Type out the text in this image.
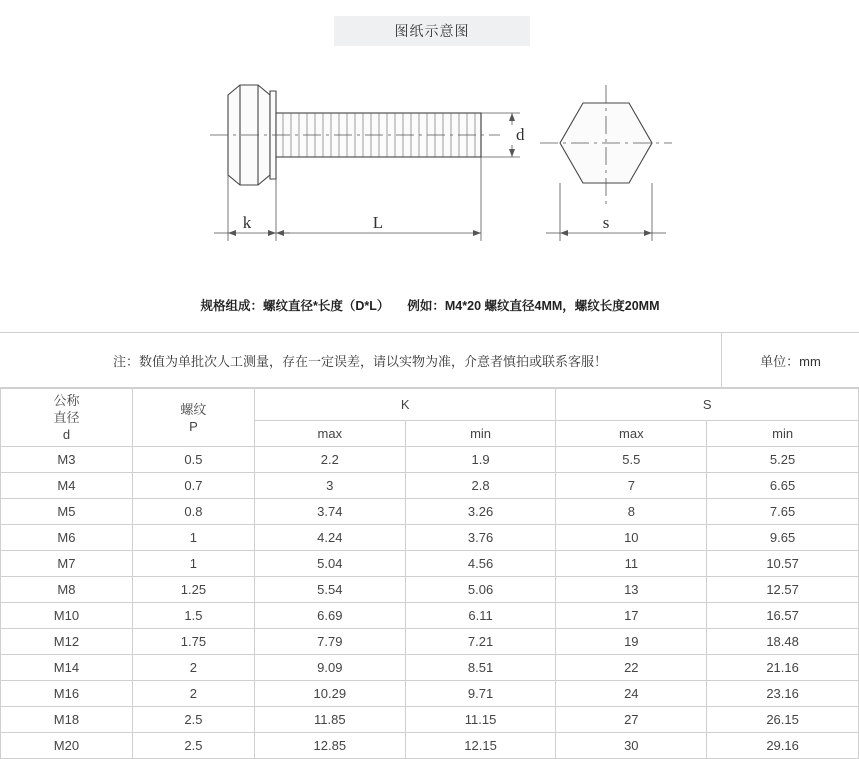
图纸示意图
d
k	L	s
规格组成：螺纹直径*长度（D*L） 例如：M4*20 螺纹直径4MM，螺纹长度20MM
注：数值为单批次人工测量，存在一定误差，请以实物为准，介意者慎拍或联系客服！	单位：mm
公称
直径
d

螺纹
P
	K	S
		max	min	max	min
M3	0.5	2.2	1.9	5.5	5.25
M4	0.7	3	2.8	7	6.65
M5	0.8	3.74	3.26	8	7.65
M6	1	4.24	3.76	10	9.65
M7	1	5.04	4.56	11	10.57
M8	1.25	5.54	5.06	13	12.57
M10	1.5	6.69	6.11	17	16.57
M12	1.75	7.79	7.21	19	18.48
M14	2	9.09	8.51	22	21.16
M16	2	10.29	9.71	24	23.16
M18	2.5	11.85	11.15	27	26.15
M20	2.5	12.85	12.15	30	29.16
